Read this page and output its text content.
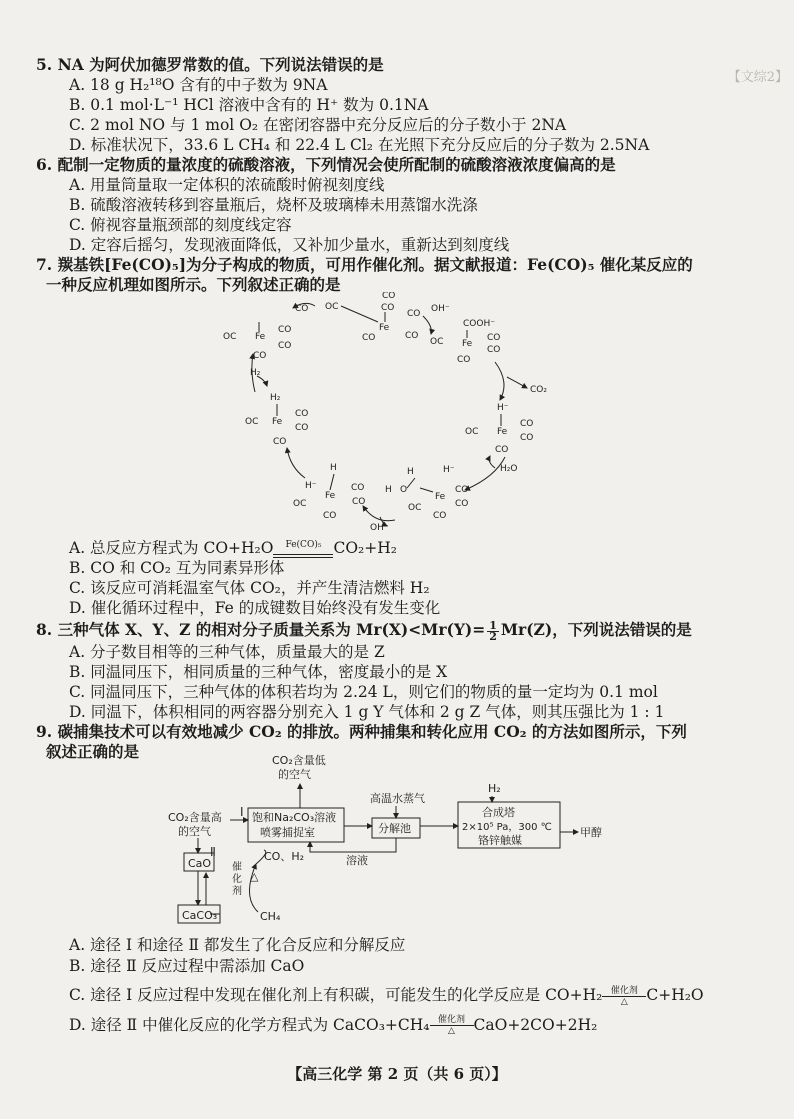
【文综2】
5. NA 为阿伏加德罗常数的值。下列说法错误的是
A. 18 g H₂¹⁸O 含有的中子数为 9NA
B. 0.1 mol·L⁻¹ HCl 溶液中含有的 H⁺ 数为 0.1NA
C. 2 mol NO 与 1 mol O₂ 在密闭容器中充分反应后的分子数小于 2NA
D. 标准状况下，33.6 L CH₄ 和 22.4 L Cl₂ 在光照下充分反应后的分子数为 2.5NA
6. 配制一定物质的量浓度的硫酸溶液，下列情况会使所配制的硫酸溶液浓度偏高的是
A. 用量筒量取一定体积的浓硫酸时俯视刻度线
B. 硫酸溶液转移到容量瓶后，烧杯及玻璃棒未用蒸馏水洗涤
C. 俯视容量瓶颈部的刻度线定容
D. 定容后摇匀，发现液面降低，又补加少量水，重新达到刻度线
7. 羰基铁[Fe(CO)₅]为分子构成的物质，可用作催化剂。据文献报道：Fe(CO)₅ 催化某反应的
一种反应机理如图所示。下列叙述正确的是
CO
CO
OC
CO
Fe
CO	CO
CO OH⁻
COOH⁻
OC Fe
CO
CO
CO
CO₂
H⁻
OC Fe
CO
CO
CO
H₂O
H⁻
H
O
H
OC
Fe
CO
CO
CO
H
H⁻
Fe
CO
CO
OC
CO
OH⁻
H₂
H₂
OC Fe
CO
CO
CO
OC Fe
CO
CO
CO
A. 总反应方程式为 CO+H₂O	Fe(CO)₅ CO₂+H₂
B. CO 和 CO₂ 互为同素异形体
C. 该反应可消耗温室气体 CO₂，并产生清洁燃料 H₂
D. 催化循环过程中，Fe 的成键数目始终没有发生变化
8. 三种气体 X、Y、Z 的相对分子质量关系为 $Mr(X)<Mr(Y)= \frac{1}{2} Mr(Z)$，下列说法错误的是
A. 分子数目相等的三种气体，质量最大的是 Z
B. 同温同压下，相同质量的三种气体，密度最小的是 X
C. 同温同压下，三种气体的体积若均为 2.24 L，则它们的物质的量一定均为 0.1 mol
D. 同温下，体积相同的两容器分别充入 1 g Y 气体和 2 g Z 气体，则其压强比为 1 : 1
9. 碳捕集技术可以有效地减少 CO₂ 的排放。两种捕集和转化应用 CO₂ 的方法如图所示，下列
叙述正确的是	CO₂含量低
的空气
CO₂含量高
的空气
Ⅰ
Ⅱ
饱和Na₂CO₃溶液
喷雾捕捉室
高温水蒸气
分解池
H₂
合成塔
2×10⁵ Pa，300 ℃
铬锌触媒
甲醇
溶液
CaO
CaCO₃
CO、H₂
催
化
剂
△
CH₄
A. 途径 Ⅰ 和途径 Ⅱ 都发生了化合反应和分解反应
B. 途径 Ⅱ 反应过程中需添加 CaO
C. 途径 Ⅰ 反应过程中发现在催化剂上有积碳，可能发生的化学反应是 CO+H₂ 催化剂
△	C+H₂O
D. 途径 Ⅱ 中催化反应的化学方程式为 CaCO₃+CH₄ 催化剂
△	CaO+2CO+2H₂
【高三化学 第 2 页（共 6 页）】
